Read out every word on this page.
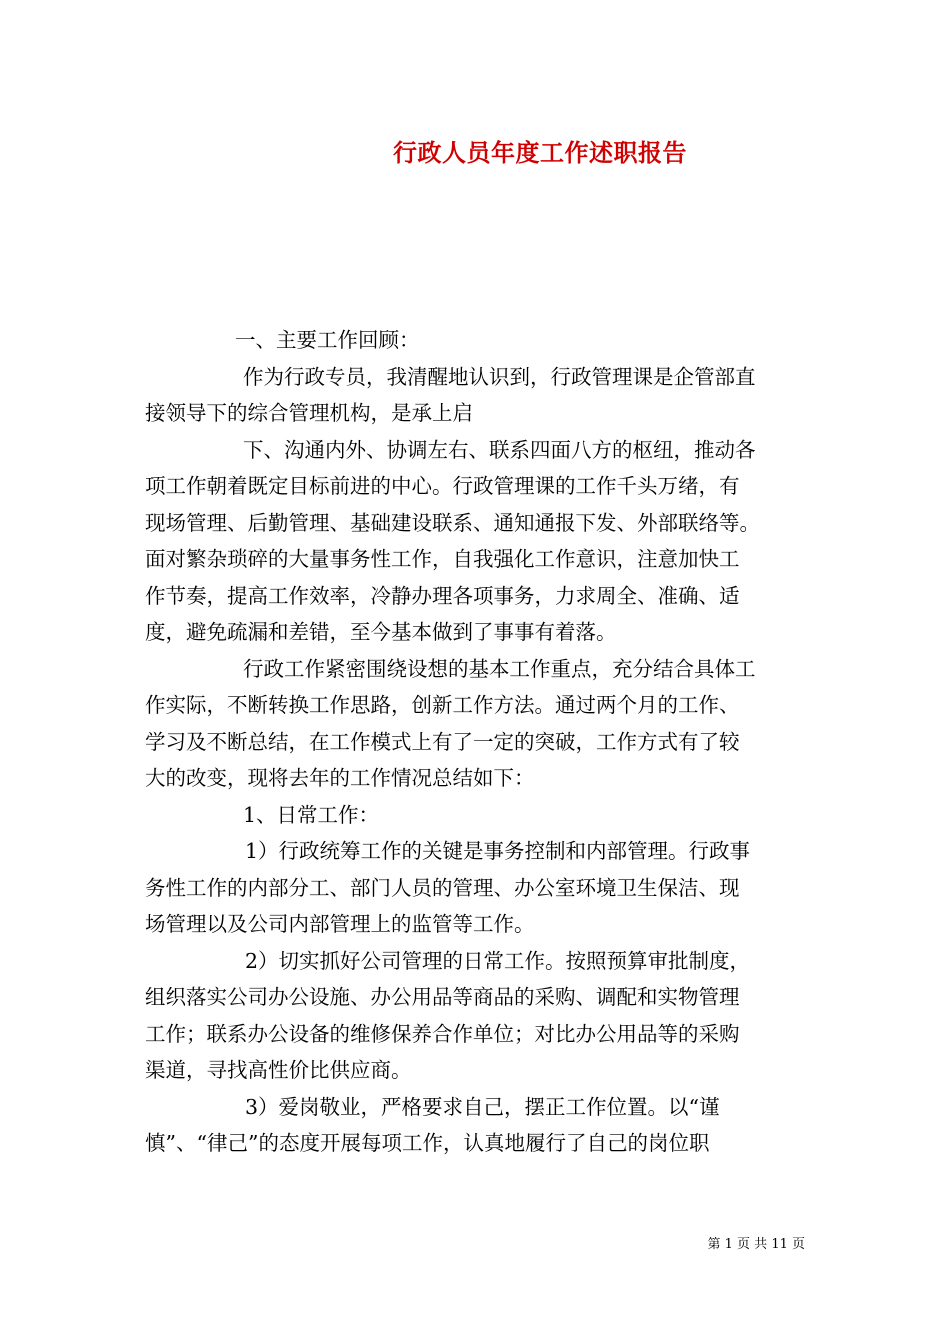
行政人员年度工作述职报告
一、主要工作回顾：
作为行政专员，我清醒地认识到，行政管理课是企管部直
接领导下的综合管理机构，是承上启
下、沟通内外、协调左右、联系四面八方的枢纽，推动各
项工作朝着既定目标前进的中心。行政管理课的工作千头万绪，有
现场管理、后勤管理、基础建设联系、通知通报下发、外部联络等。
面对繁杂琐碎的大量事务性工作，自我强化工作意识，注意加快工
作节奏，提高工作效率，冷静办理各项事务，力求周全、准确、适
度，避免疏漏和差错，至今基本做到了事事有着落。
行政工作紧密围绕设想的基本工作重点，充分结合具体工
作实际，不断转换工作思路，创新工作方法。通过两个月的工作、
学习及不断总结，在工作模式上有了一定的突破，工作方式有了较
大的改变，现将去年的工作情况总结如下：
1、日常工作：
1）行政统筹工作的关键是事务控制和内部管理。行政事
务性工作的内部分工、部门人员的管理、办公室环境卫生保洁、现
场管理以及公司内部管理上的监管等工作。
2）切实抓好公司管理的日常工作。按照预算审批制度，
组织落实公司办公设施、办公用品等商品的采购、调配和实物管理
工作；联系办公设备的维修保养合作单位；对比办公用品等的采购
渠道，寻找高性价比供应商。
3）爱岗敬业，严格要求自己，摆正工作位置。以“谨
慎”、“律己”的态度开展每项工作，认真地履行了自己的岗位职
第 1 页 共 11 页
